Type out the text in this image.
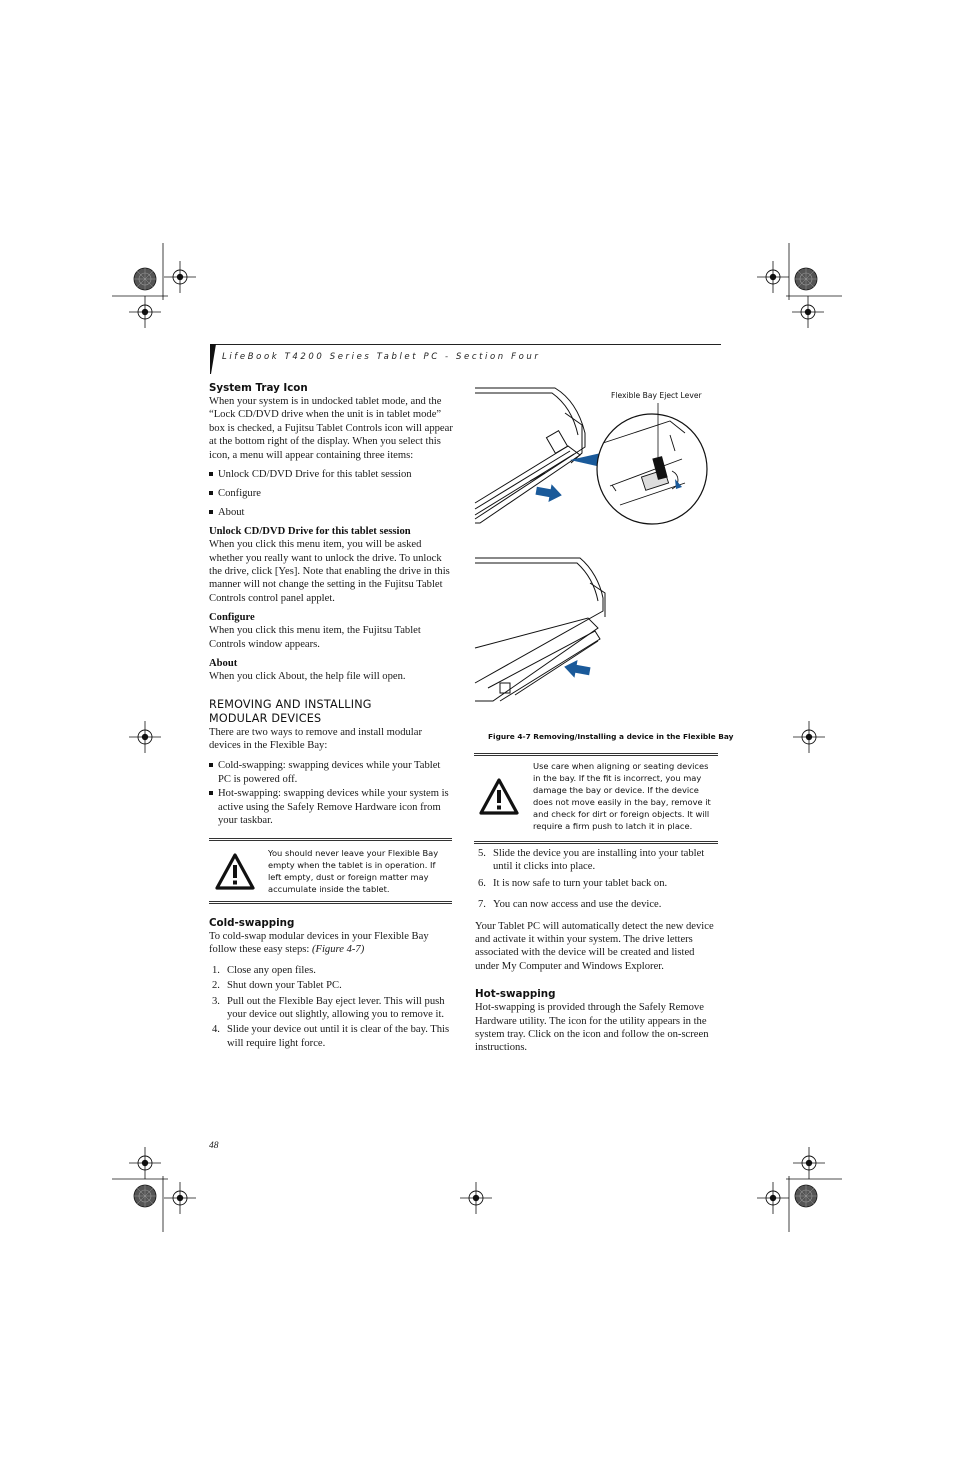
LifeBook T4200 Series Tablet PC - Section Four
System Tray Icon

When your system is in undocked tablet mode, and the “Lock CD/DVD drive when the unit is in tablet mode” box is checked, a Fujitsu Tablet Controls icon will appear at the bottom right of the display. When you select this icon, a menu will appear containing three items:

Unlock CD/DVD Drive for this tablet session
Configure
About
Unlock CD/DVD Drive for this tablet session

When you click this menu item, you will be asked whether you really want to unlock the drive. To unlock the drive, click [Yes]. Note that enabling the drive in this manner will not change the setting in the Fujitsu Tablet Controls control panel applet.

Configure

When you click this menu item, the Fujitsu Tablet Controls window appears.

About

When you click About, the help file will open.

REMOVING AND INSTALLING
MODULAR DEVICES

There are two ways to remove and install modular devices in the Flexible Bay:

Cold-swapping: swapping devices while your Tablet PC is powered off.
Hot-swapping: swapping devices while your system is active using the Safely Remove Hardware icon from your taskbar.
You should never leave your Flexible Bay empty when the tablet is in operation. If left empty, dust or foreign matter may accumulate inside the tablet.
Cold-swapping

To cold-swap modular devices in your Flexible Bay follow these easy steps: (Figure 4-7)

1. Close any open files.
2. Shut down your Tablet PC.
3. Pull out the Flexible Bay eject lever. This will push your device out slightly, allowing you to remove it.
4. Slide your device out until it is clear of the bay. This will require light force.
Flexible Bay Eject Lever
Figure 4-7 Removing/Installing a device in the Flexible Bay
Use care when aligning or seating devices in the bay. If the fit is incorrect, you may damage the bay or device. If the device does not move easily in the bay, remove it and check for dirt or foreign objects. It will require a firm push to latch it in place.
5. Slide the device you are installing into your tablet until it clicks into place.
6. It is now safe to turn your tablet back on.
7. You can now access and use the device.

Your Tablet PC will automatically detect the new device and activate it within your system. The drive letters associated with the device will be created and listed under My Computer and Windows Explorer.

Hot-swapping

Hot-swapping is provided through the Safely Remove Hardware utility. The icon for the utility appears in the system tray. Click on the icon and follow the on-screen instructions.

48
